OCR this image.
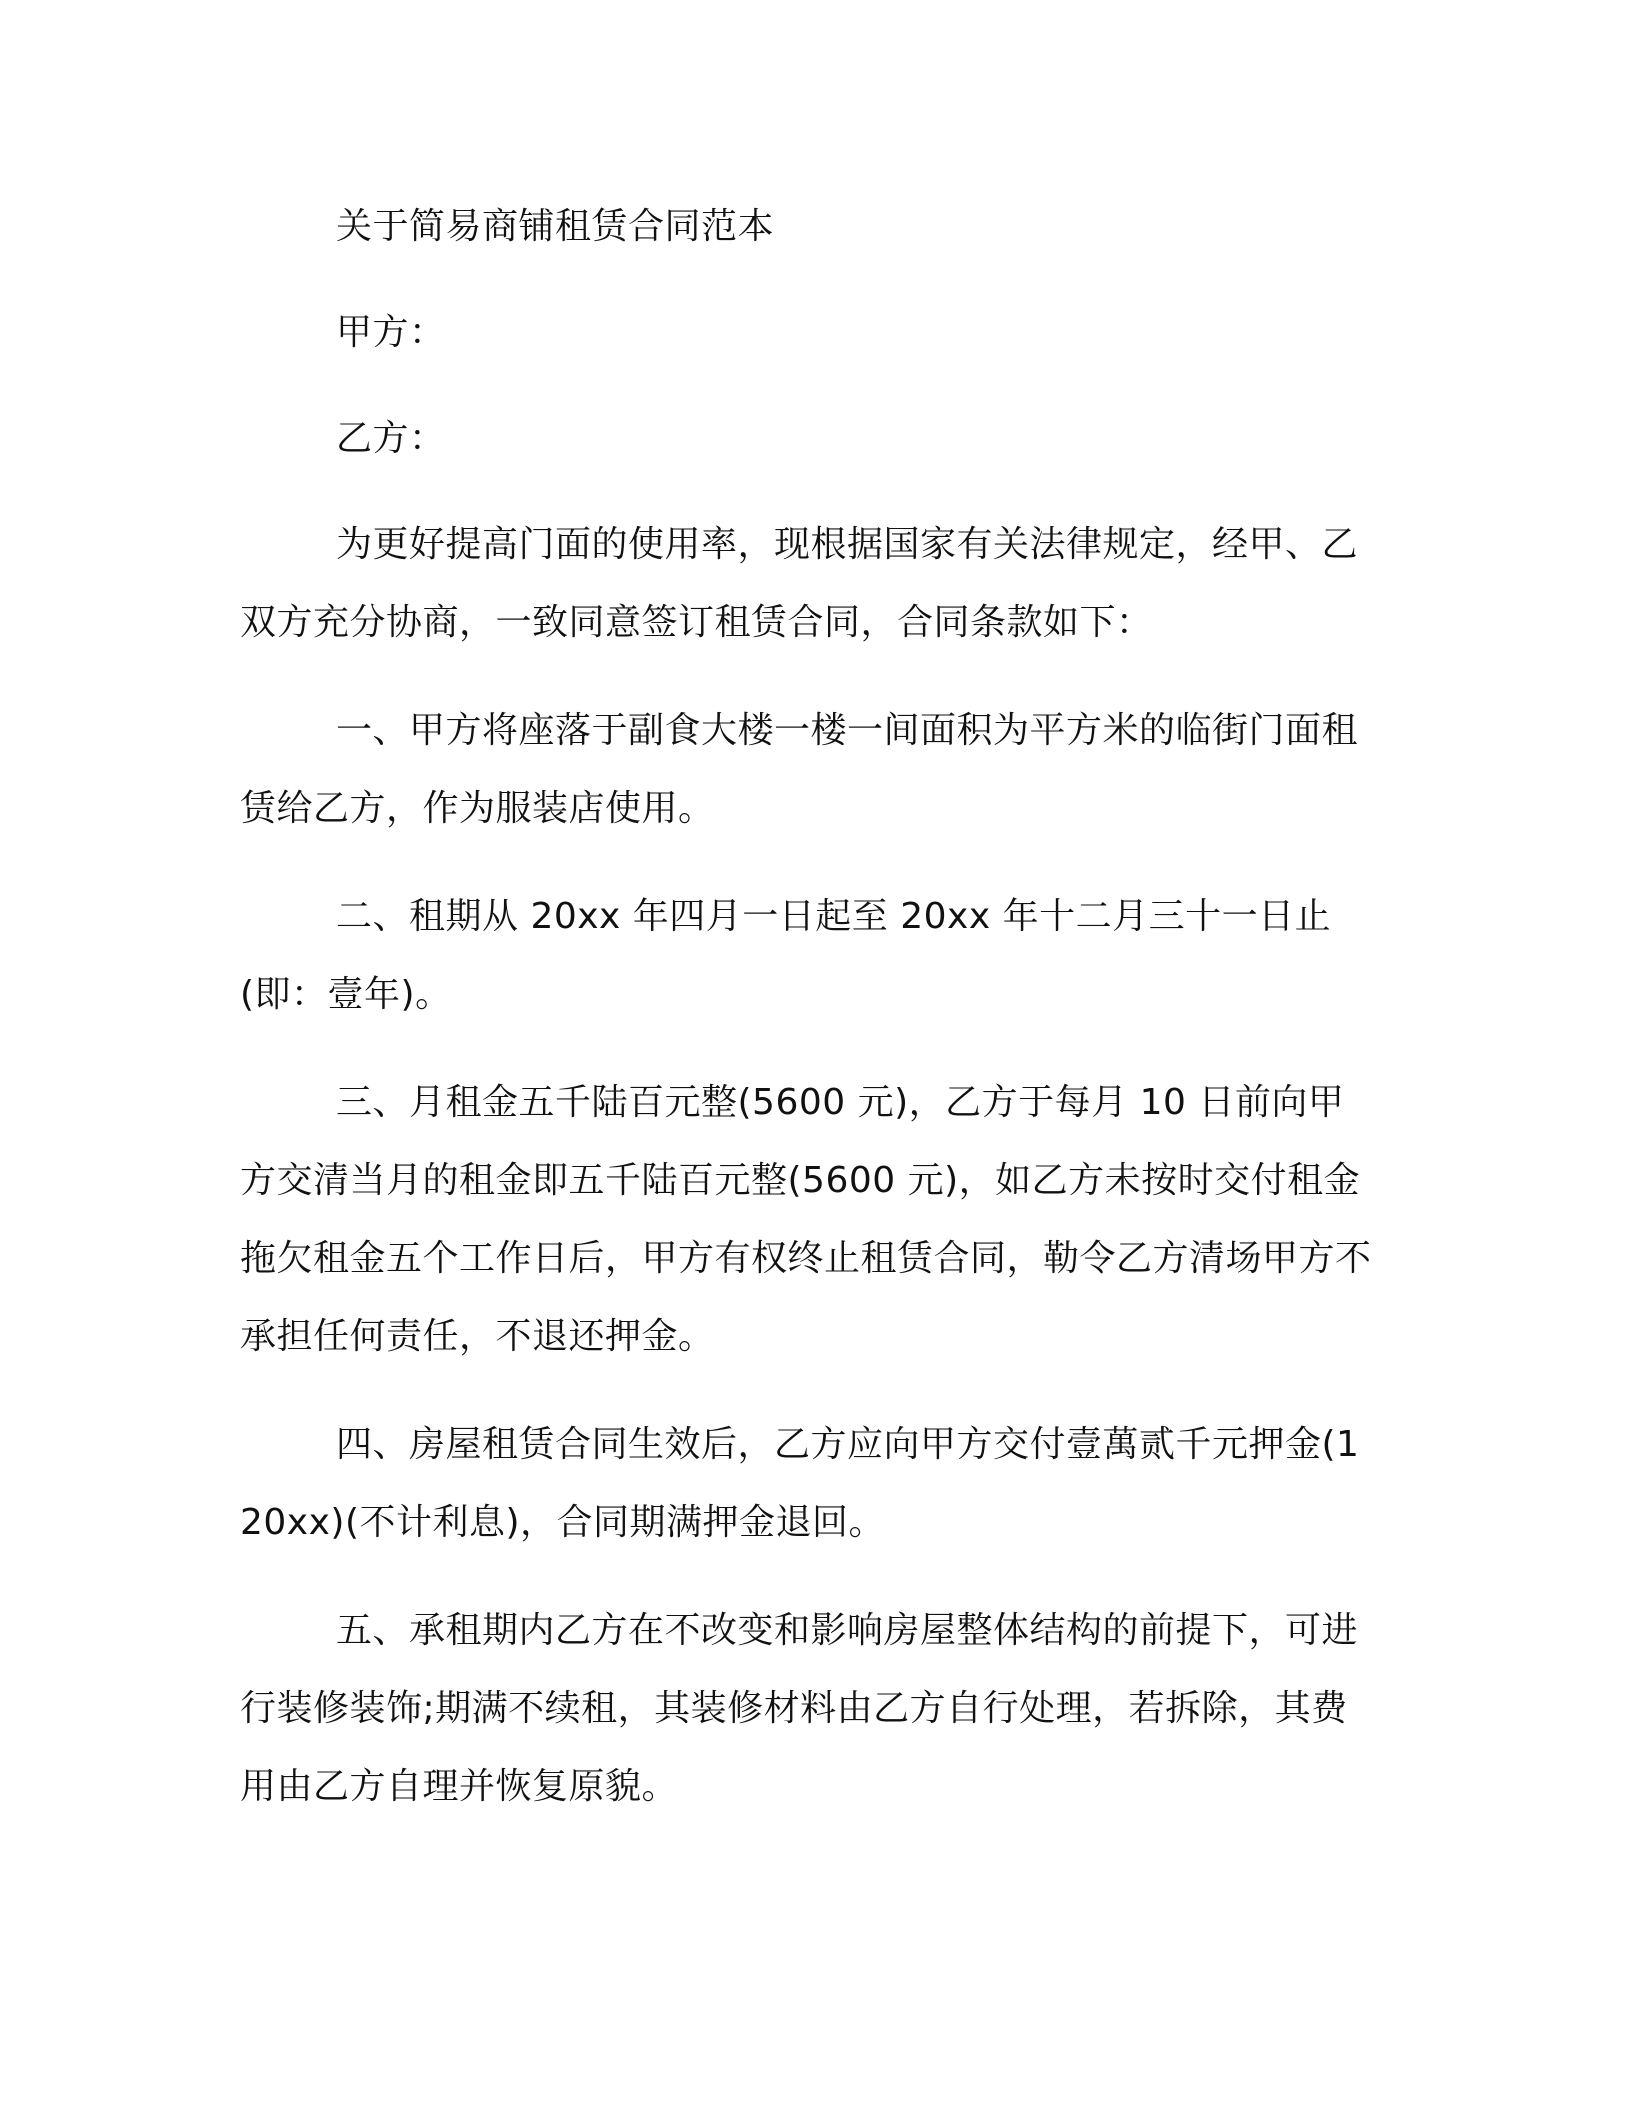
关于简易商铺租赁合同范本

甲方：

乙方：

为更好提高门面的使用率，现根据国家有关法律规定，经甲、乙双方充分协商，一致同意签订租赁合同，合同条款如下：

一、甲方将座落于副食大楼一楼一间面积为平方米的临街门面租赁给乙方，作为服装店使用。

二、租期从 20xx 年四月一日起至 20xx 年十二月三十一日止(即：壹年)。

三、月租金五千陆百元整(5600 元)，乙方于每月 10 日前向甲方交清当月的租金即五千陆百元整(5600 元)，如乙方未按时交付租金拖欠租金五个工作日后，甲方有权终止租赁合同，勒令乙方清场甲方不承担任何责任，不退还押金。

四、房屋租赁合同生效后，乙方应向甲方交付壹萬贰千元押金(120xx)(不计利息)，合同期满押金退回。

五、承租期内乙方在不改变和影响房屋整体结构的前提下，可进行装修装饰;期满不续租，其装修材料由乙方自行处理，若拆除，其费用由乙方自理并恢复原貌。
